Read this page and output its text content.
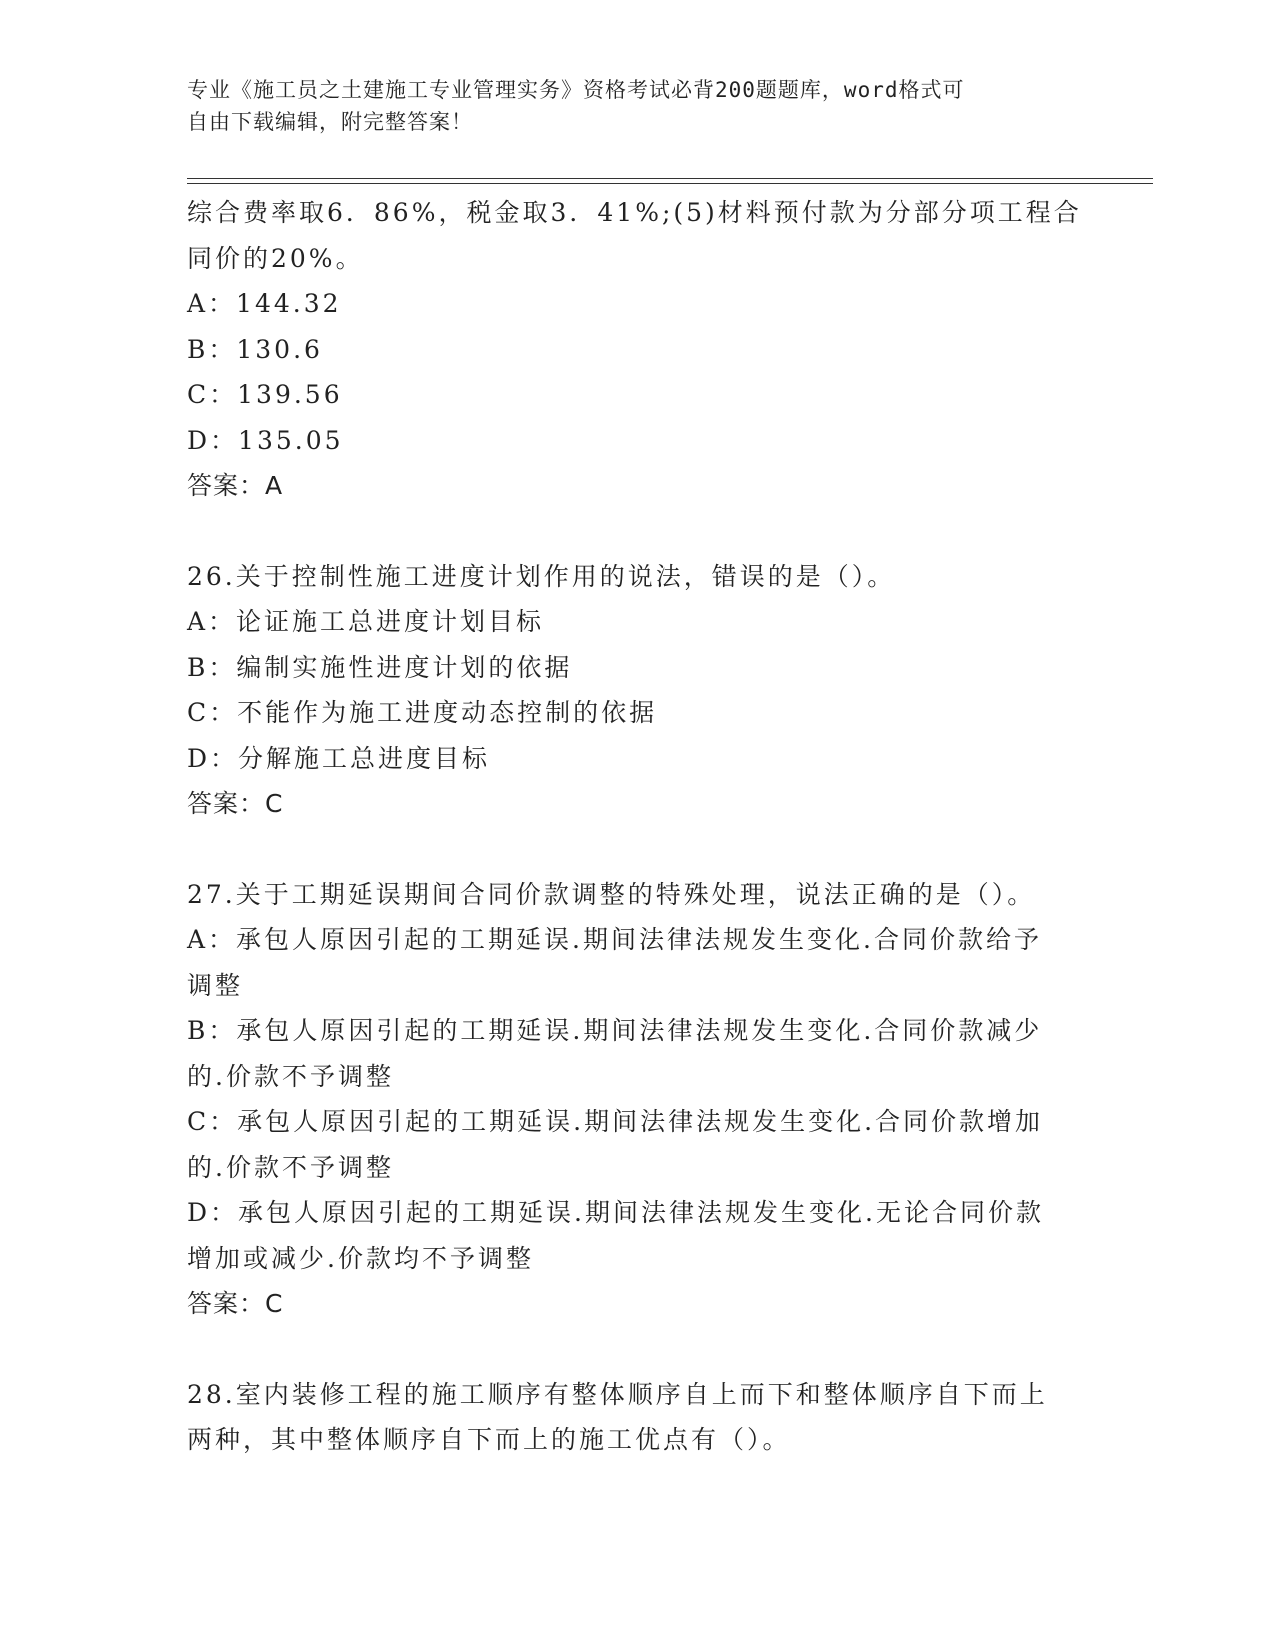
专业《施工员之土建施工专业管理实务》资格考试必背200题题库，word格式可
自由下载编辑，附完整答案！
综合费率取6．86%，税金取3．41%;(5)材料预付款为分部分项工程合
同价的20%。
A：144.32
B：130.6
C：139.56
D：135.05
答案：A
26.关于控制性施工进度计划作用的说法，错误的是（）。
A：论证施工总进度计划目标
B：编制实施性进度计划的依据
C：不能作为施工进度动态控制的依据
D：分解施工总进度目标
答案：C
27.关于工期延误期间合同价款调整的特殊处理，说法正确的是（）。
A：承包人原因引起的工期延误.期间法律法规发生变化.合同价款给予
调整
B：承包人原因引起的工期延误.期间法律法规发生变化.合同价款减少
的.价款不予调整
C：承包人原因引起的工期延误.期间法律法规发生变化.合同价款增加
的.价款不予调整
D：承包人原因引起的工期延误.期间法律法规发生变化.无论合同价款
增加或减少.价款均不予调整
答案：C
28.室内装修工程的施工顺序有整体顺序自上而下和整体顺序自下而上
两种，其中整体顺序自下而上的施工优点有（）。
